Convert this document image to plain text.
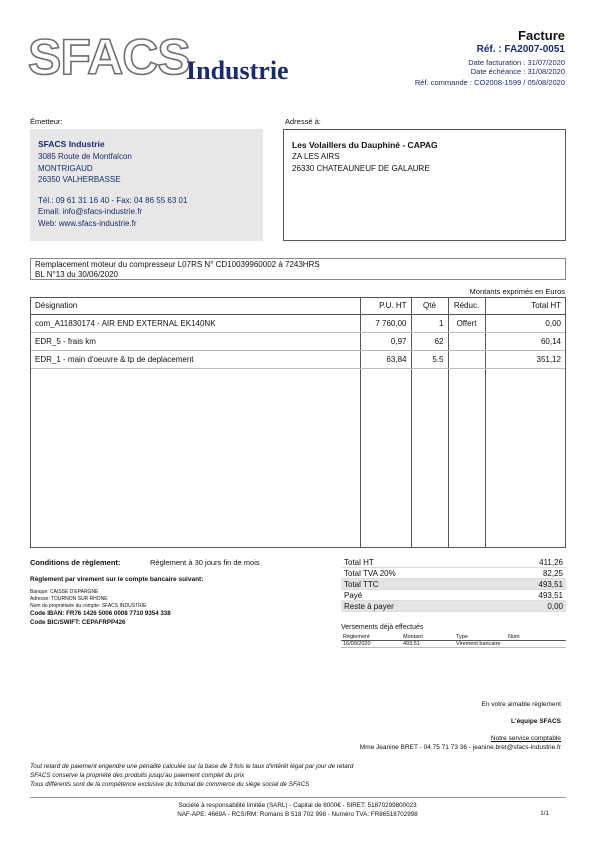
SFACS
Industrie
Facture
Réf. : FA2007-0051
Date facturation : 31/07/2020
Date échéance : 31/08/2020
Réf. commande : CO2008-1599 / 05/08/2020
Émetteur:	Adressé à:
SFACS Industrie
3085 Route de Montfalcon
MONTRIGAUD
26350 VALHERBASSE
Tél.: 09 61 31 16 40 - Fax: 04 86 55 63 01
Email: info@sfacs-industrie.fr
Web: www.sfacs-industrie.fr
Les Volaillers du Dauphiné - CAPAG
ZA LES AIRS
26330 CHATEAUNEUF DE GALAURE
Remplacement moteur du compresseur L07RS N° CD10039960002 à 7243HRS
BL N°13 du 30/06/2020
Montants exprimés en Euros
Désignation	P.U. HT	Qté	Réduc.	Total HT
com_A11830174 - AIR END EXTERNAL EK140NK	7 760,00	1	Offert	0,00
EDR_5 - frais km	0,97	62		60,14
EDR_1 - main d'oeuvre & tp de deplacement	63,84	5.5		351,12

Conditions de règlement:	Règlement à 30 jours fin de mois
Règlement par virement sur le compte bancaire suivant:
Banque: CAISSE D'EPARGNE
Adresse: TOURNON SUR RHONE
Nom du propriétaire du compte: SFACS INDUSTRIE
Code IBAN: FR76 1426 5006 0008 7710 9354 338
Code BIC/SWIFT: CEPAFRPP426
Total HT	411,26
Total TVA 20%	82,25
Total TTC	493,51
Payé	493,51
Reste à payer	0,00
Versements déjà effectués
Règlement	Montant	Type	Num
16/09/2020	493,51	Virement bancaire	
En votre aimable règlement
L'équipe SFACS
Notre service comptable
Mme Jeanine BRET - 04 75 71 73 36 - jeanine.bret@sfacs-industrie.fr
Tout retard de paiement engendre une pénalité calculée sur la base de 3 fois le taux d'intérêt légal par jour de retard
SFACS conserve la propriété des produits jusqu'au paiement complet du prix
Tous différents sont de la compétence exclusive du tribunal de commerce du siège social de SFACS
Société à responsabilité limitée (SARL) - Capital de 8000€ - SIRET: 51870299800023
NAF-APE: 4669A - RCS/RM: Romans B 518 702 998 - Numéro TVA: FR86518702998	1/1
